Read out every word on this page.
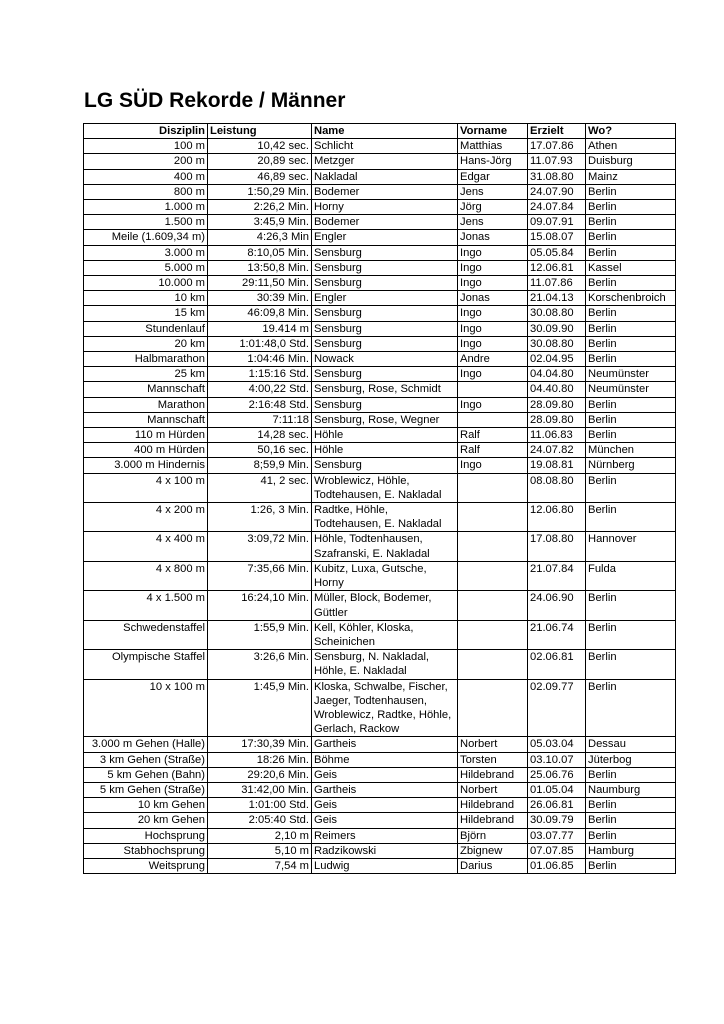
LG SÜD Rekorde / Männer
Disziplin	Leistung	Name	Vorname	Erzielt	Wo?
100 m	10,42 sec.	Schlicht	Matthias	17.07.86	Athen
200 m	20,89 sec.	Metzger	Hans-Jörg	11.07.93	Duisburg
400 m	46,89 sec.	Nakladal	Edgar	31.08.80	Mainz
800 m	1:50,29 Min.	Bodemer	Jens	24.07.90	Berlin
1.000 m	2:26,2 Min.	Horny	Jörg	24.07.84	Berlin
1.500 m	3:45,9 Min.	Bodemer	Jens	09.07.91	Berlin
Meile (1.609,34 m)	4:26,3 Min	Engler	Jonas	15.08.07	Berlin
3.000 m	8:10,05 Min.	Sensburg	Ingo	05.05.84	Berlin
5.000 m	13:50,8 Min.	Sensburg	Ingo	12.06.81	Kassel
10.000 m	29:11,50 Min.	Sensburg	Ingo	11.07.86	Berlin
10 km	30:39 Min.	Engler	Jonas	21.04.13	Korschenbroich
15 km	46:09,8 Min.	Sensburg	Ingo	30.08.80	Berlin
Stundenlauf	19.414 m	Sensburg	Ingo	30.09.90	Berlin
20 km	1:01:48,0 Std.	Sensburg	Ingo	30.08.80	Berlin
Halbmarathon	1:04:46 Min.	Nowack	Andre	02.04.95	Berlin
25 km	1:15:16 Std.	Sensburg	Ingo	04.04.80	Neumünster
Mannschaft	4:00,22 Std.	Sensburg, Rose, Schmidt		04.40.80	Neumünster
Marathon	2:16:48 Std.	Sensburg	Ingo	28.09.80	Berlin
Mannschaft	7:11:18	Sensburg, Rose, Wegner		28.09.80	Berlin
110 m Hürden	14,28 sec.	Höhle	Ralf	11.06.83	Berlin
400 m Hürden	50,16 sec.	Höhle	Ralf	24.07.82	München
3.000 m Hindernis	8;59,9 Min.	Sensburg	Ingo	19.08.81	Nürnberg
4 x 100 m	41, 2 sec.	Wroblewicz, Höhle, Todtehausen, E. Nakladal		08.08.80	Berlin
4 x 200 m	1:26, 3 Min.	Radtke, Höhle, Todtehausen, E. Nakladal		12.06.80	Berlin
4 x 400 m	3:09,72 Min.	Höhle, Todtenhausen, Szafranski, E. Nakladal		17.08.80	Hannover
4 x 800 m	7:35,66 Min.	Kubitz, Luxa, Gutsche, Horny		21.07.84	Fulda
4 x 1.500 m	16:24,10 Min.	Müller, Block, Bodemer, Güttler		24.06.90	Berlin
Schwedenstaffel	1:55,9 Min.	Kell, Köhler, Kloska, Scheinichen		21.06.74	Berlin
Olympische Staffel	3:26,6 Min.	Sensburg, N. Nakladal, Höhle, E. Nakladal		02.06.81	Berlin
10 x 100 m	1:45,9 Min.	Kloska, Schwalbe, Fischer, Jaeger, Todtenhausen, Wroblewicz, Radtke, Höhle, Gerlach, Rackow		02.09.77	Berlin
3.000 m Gehen (Halle)	17:30,39 Min.	Gartheis	Norbert	05.03.04	Dessau
3 km Gehen (Straße)	18:26 Min.	Böhme	Torsten	03.10.07	Jüterbog
5 km Gehen (Bahn)	29:20,6 Min.	Geis	Hildebrand	25.06.76	Berlin
5 km Gehen (Straße)	31:42,00 Min.	Gartheis	Norbert	01.05.04	Naumburg
10 km Gehen	1:01:00 Std.	Geis	Hildebrand	26.06.81	Berlin
20 km Gehen	2:05:40 Std.	Geis	Hildebrand	30.09.79	Berlin
Hochsprung	2,10 m	Reimers	Björn	03.07.77	Berlin
Stabhochsprung	5,10 m	Radzikowski	Zbignew	07.07.85	Hamburg
Weitsprung	7,54 m	Ludwig	Darius	01.06.85	Berlin
